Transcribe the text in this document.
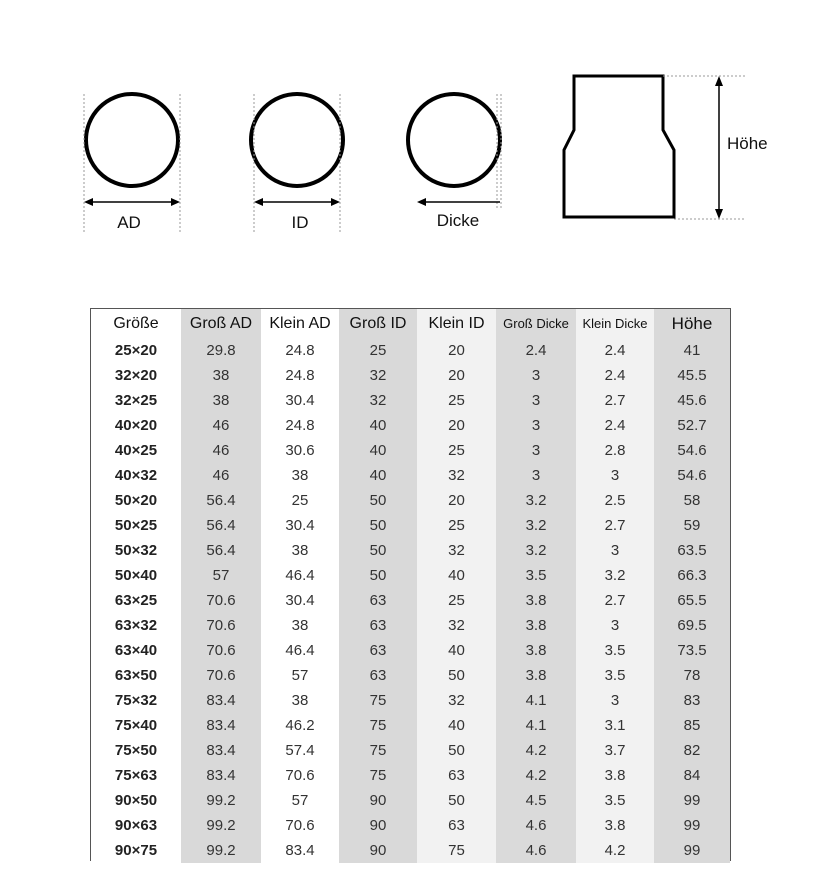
AD	ID	Dicke
Höhe
Größe	Groß AD	Klein AD	Groß ID	Klein ID	Groß Dicke	Klein Dicke	Höhe
25×20	29.8	24.8	25	20	2.4	2.4	41
32×20	38	24.8	32	20	3	2.4	45.5
32×25	38	30.4	32	25	3	2.7	45.6
40×20	46	24.8	40	20	3	2.4	52.7
40×25	46	30.6	40	25	3	2.8	54.6
40×32	46	38	40	32	3	3	54.6
50×20	56.4	25	50	20	3.2	2.5	58
50×25	56.4	30.4	50	25	3.2	2.7	59
50×32	56.4	38	50	32	3.2	3	63.5
50×40	57	46.4	50	40	3.5	3.2	66.3
63×25	70.6	30.4	63	25	3.8	2.7	65.5
63×32	70.6	38	63	32	3.8	3	69.5
63×40	70.6	46.4	63	40	3.8	3.5	73.5
63×50	70.6	57	63	50	3.8	3.5	78
75×32	83.4	38	75	32	4.1	3	83
75×40	83.4	46.2	75	40	4.1	3.1	85
75×50	83.4	57.4	75	50	4.2	3.7	82
75×63	83.4	70.6	75	63	4.2	3.8	84
90×50	99.2	57	90	50	4.5	3.5	99
90×63	99.2	70.6	90	63	4.6	3.8	99
90×75	99.2	83.4	90	75	4.6	4.2	99
